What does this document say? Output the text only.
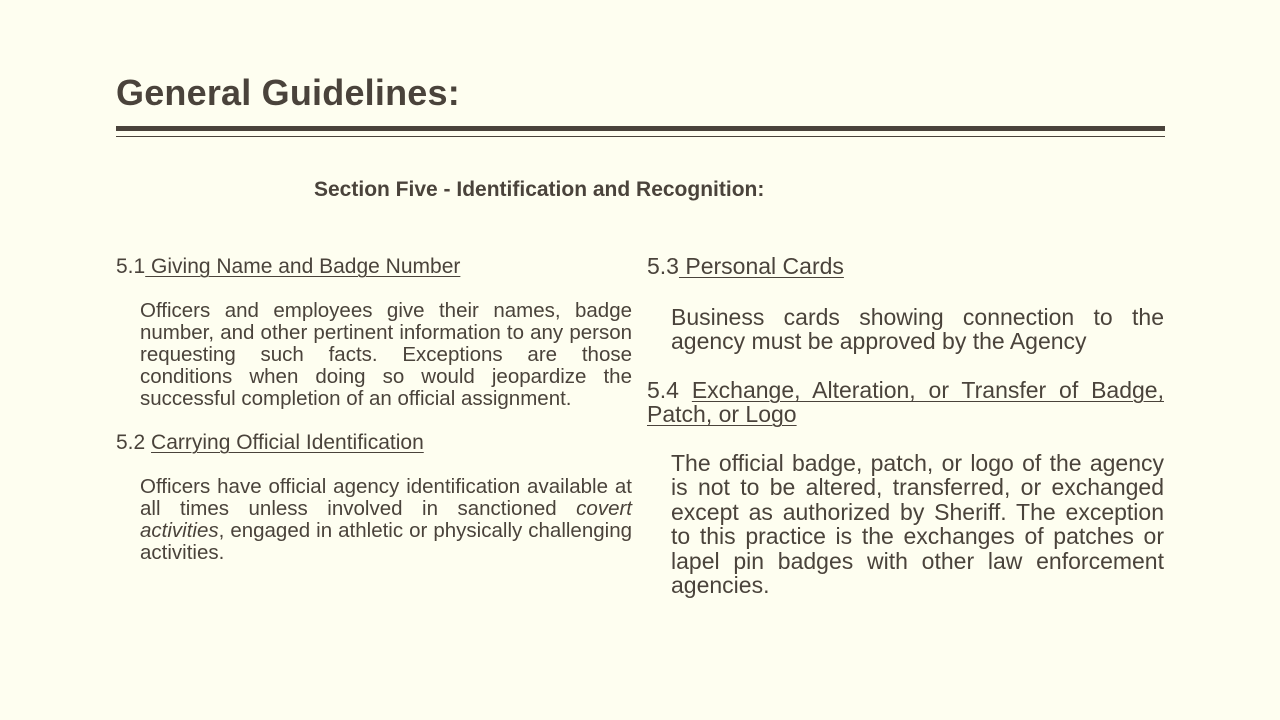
General Guidelines:
Section Five - Identification and Recognition:
5.1 Giving Name and Badge Number
Officers and employees give their names, badge number, and other pertinent information to any person requesting such facts. Exceptions are those conditions when doing so would jeopardize the successful completion of an official assignment.
5.2 Carrying Official Identification
Officers have official agency identification available at all times unless involved in sanctioned covert activities, engaged in athletic or physically challenging activities.
5.3 Personal Cards
Business cards showing connection to the agency must be approved by the Agency
5.4 Exchange, Alteration, or Transfer of Badge, Patch, or Logo
The official badge, patch, or logo of the agency is not to be altered, transferred, or exchanged except as authorized by Sheriff. The exception to this practice is the exchanges of patches or lapel pin badges with other law enforcement agencies.
